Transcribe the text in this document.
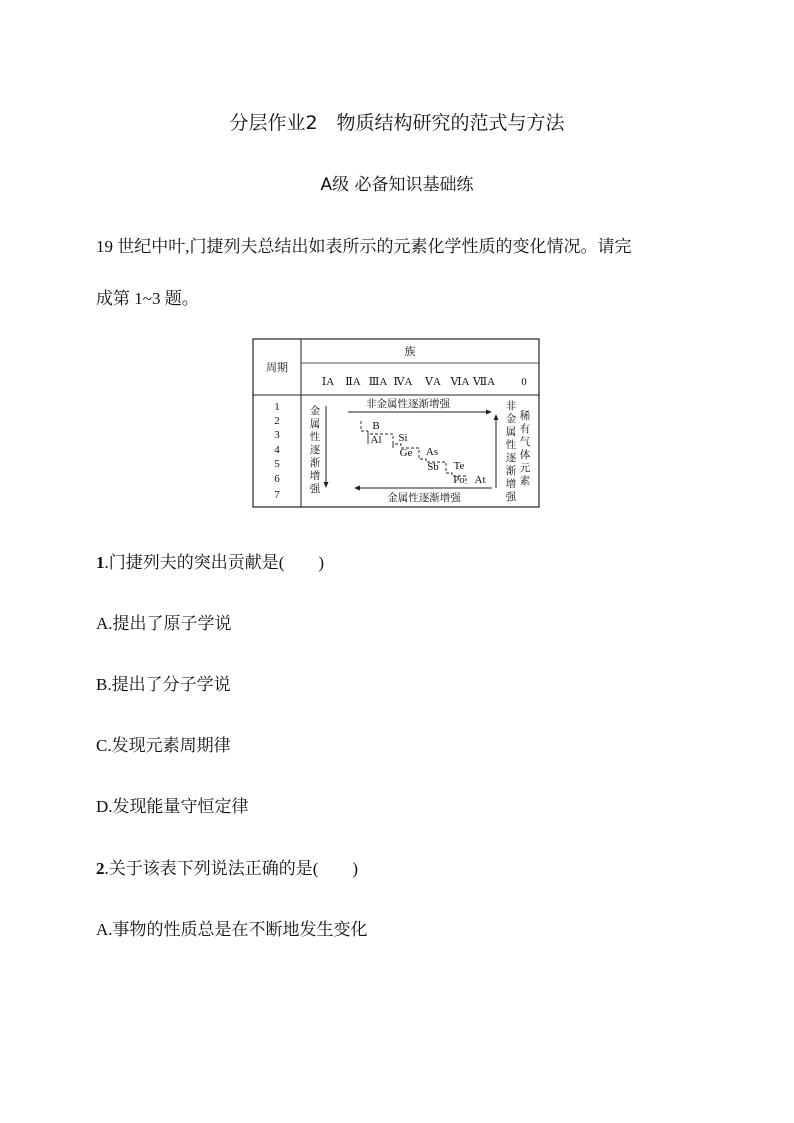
分层作业2　物质结构研究的范式与方法
A级 必备知识基础练
19 世纪中叶,门捷列夫总结出如表所示的元素化学性质的变化情况。请完
成第 1~3 题。
周期
族
ⅠA ⅡA ⅢA ⅣA ⅤA ⅥA ⅦA 0
1
2
3
4
5
6
7
金属性逐渐增强
非金属性逐渐增强
金属性逐渐增强
非金属性逐渐增强
稀有气体元素
B
Al Si
Ge As
Sb Te
Po At
1.门捷列夫的突出贡献是(　　)
A.提出了原子学说
B.提出了分子学说
C.发现元素周期律
D.发现能量守恒定律
2.关于该表下列说法正确的是(　　)
A.事物的性质总是在不断地发生变化
